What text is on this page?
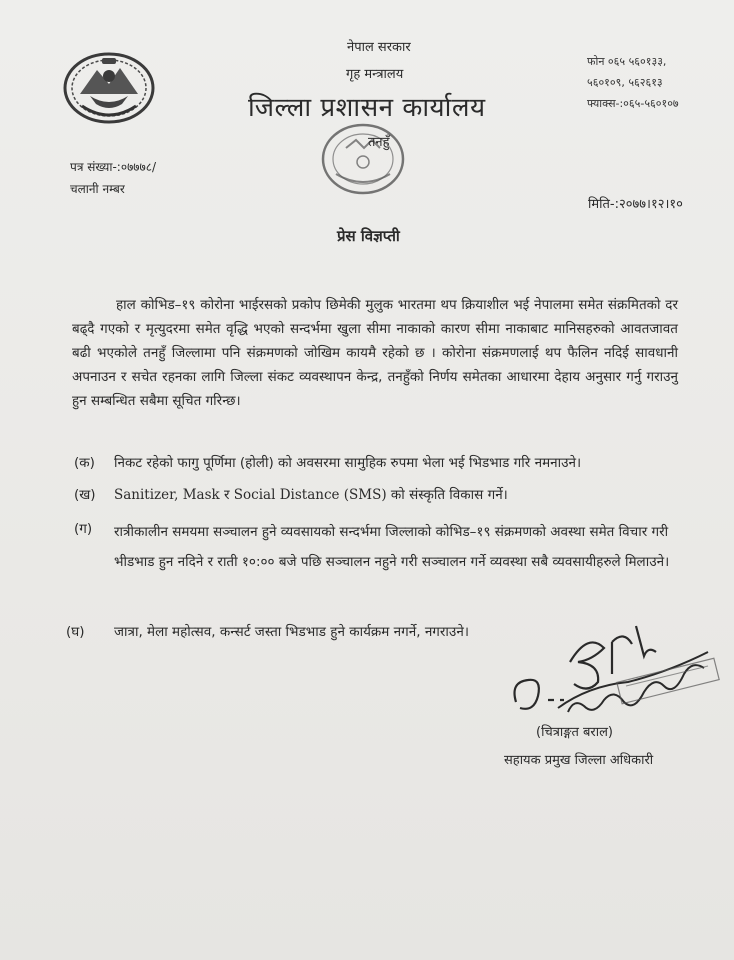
नेपाल सरकार
गृह मन्त्रालय
जिल्ला प्रशासन कार्यालय
फोन ०६५ ५६०१३३,
५६०१०९, ५६२६१३
फ्याक्स-:०६५-५६०१०७
तनहुँ
पत्र संख्या-:०७७७८/
चलानी नम्बर
मिति-:२०७७।१२।१०
प्रेस विज्ञप्ती
हाल कोभिड–१९ कोरोना भाईरसको प्रकोप छिमेकी मुलुक भारतमा थप क्रियाशील भई नेपालमा समेत संक्रमितको दर बढ्दै गएको र मृत्युदरमा समेत वृद्धि भएको सन्दर्भमा खुला सीमा नाकाको कारण सीमा नाकाबाट मानिसहरुको आवतजावत बढी भएकोले तनहुँ जिल्लामा पनि संक्रमणको जोखिम कायमै रहेको छ । कोरोना संक्रमणलाई थप फैलिन नदिई सावधानी अपनाउन र सचेत रहनका लागि जिल्ला संकट व्यवस्थापन केन्द्र, तनहुँको निर्णय समेतका आधारमा देहाय अनुसार गर्नु गराउनु हुन सम्बन्धित सबैमा सूचित गरिन्छ।
(क) निकट रहेको फागु पूर्णिमा (होली) को अवसरमा सामुहिक रुपमा भेला भई भिडभाड गरि नमनाउने।
(ख) Sanitizer, Mask र Social Distance (SMS) को संस्कृति विकास गर्ने।
(ग) रात्रीकालीन समयमा सञ्चालन हुने व्यवसायको सन्दर्भमा जिल्लाको कोभिड–१९ संक्रमणको अवस्था समेत विचार गरी भीडभाड हुन नदिने र राती १०:०० बजे पछि सञ्चालन नहुने गरी सञ्चालन गर्ने व्यवस्था सबै व्यवसायीहरुले मिलाउने।
(घ) जात्रा, मेला महोत्सव, कन्सर्ट जस्ता भिडभाड हुने कार्यक्रम नगर्ने, नगराउने।
(चित्राङ्गत बराल)
सहायक प्रमुख जिल्ला अधिकारी
